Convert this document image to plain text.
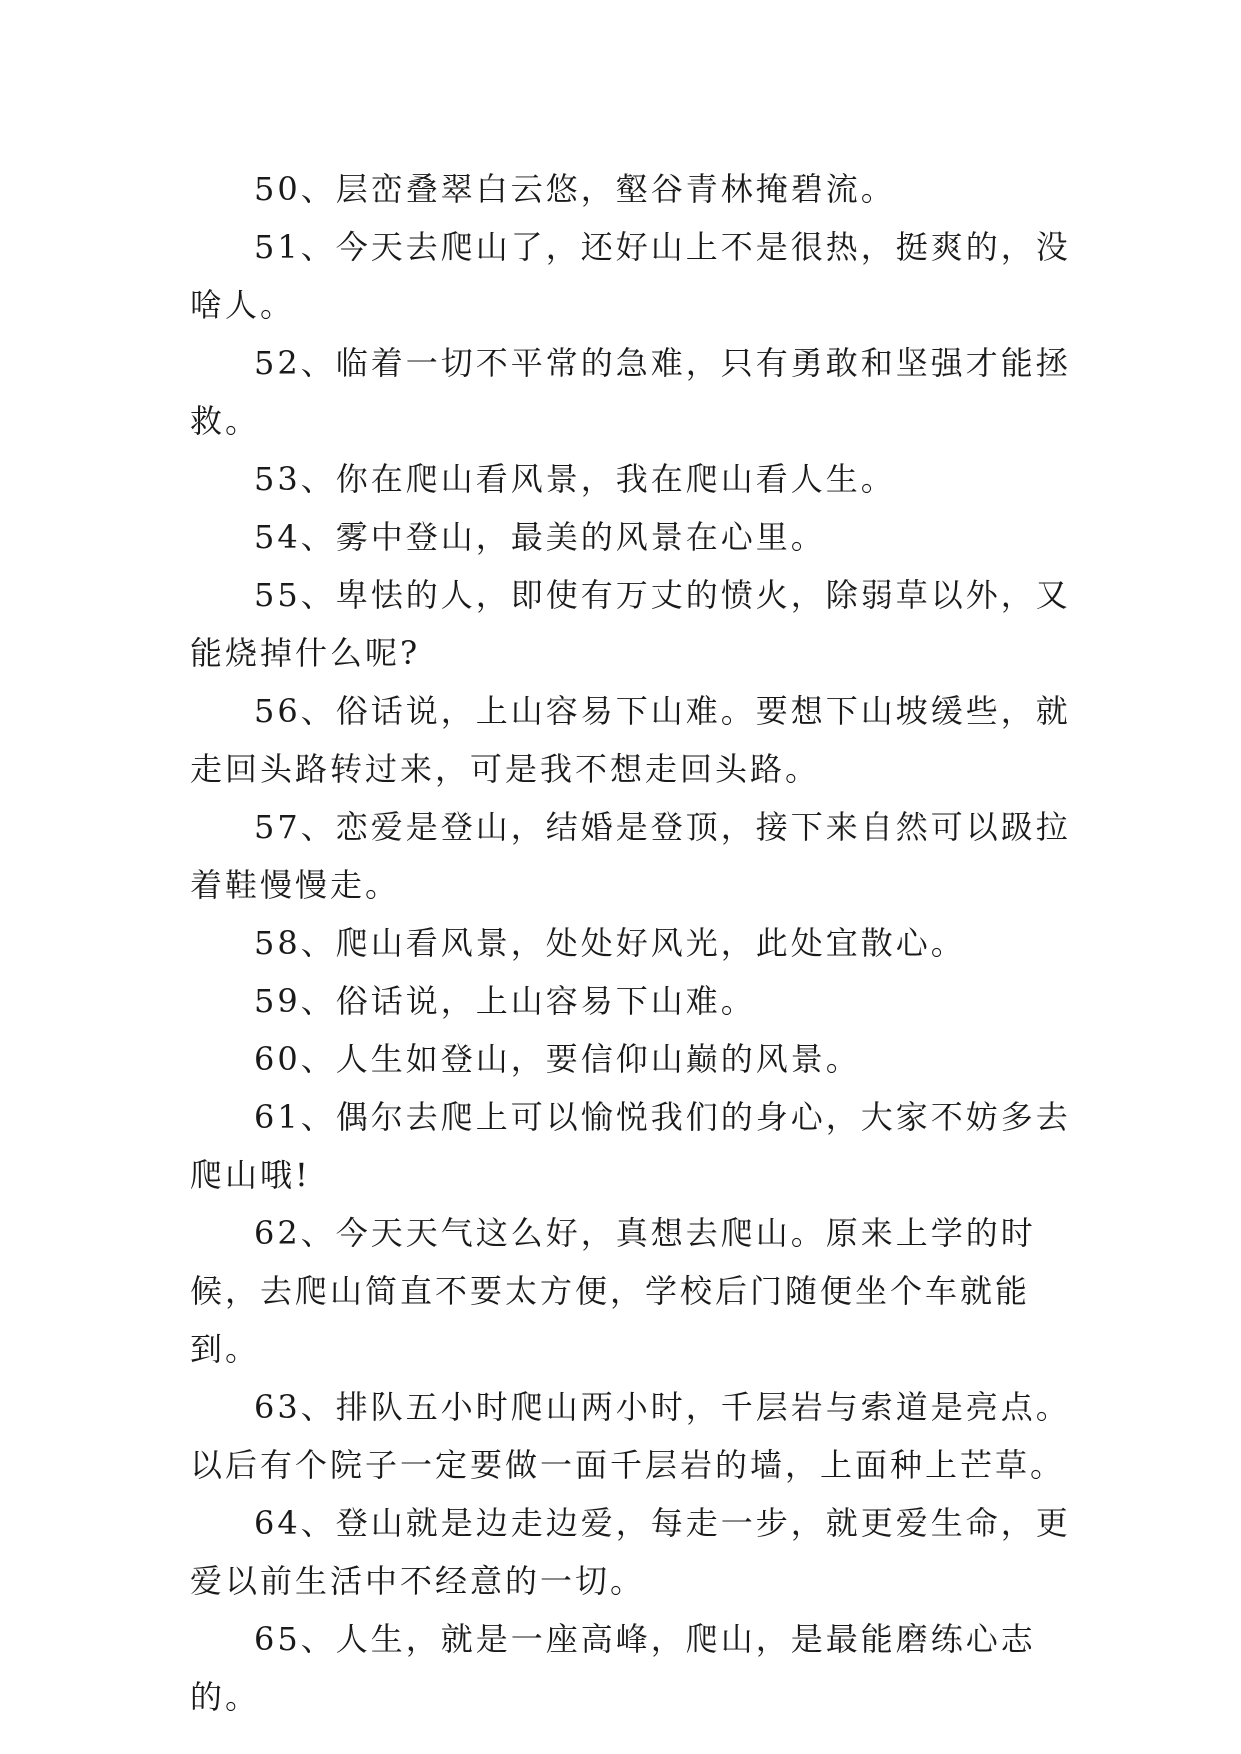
50、层峦叠翠白云悠，壑谷青林掩碧流。

51、今天去爬山了，还好山上不是很热，挺爽的，没啥人。

52、临着一切不平常的急难，只有勇敢和坚强才能拯救。

53、你在爬山看风景，我在爬山看人生。

54、雾中登山，最美的风景在心里。

55、卑怯的人，即使有万丈的愤火，除弱草以外，又能烧掉什么呢?

56、俗话说，上山容易下山难。要想下山坡缓些，就走回头路转过来，可是我不想走回头路。

57、恋爱是登山，结婚是登顶，接下来自然可以趿拉着鞋慢慢走。

58、爬山看风景，处处好风光，此处宜散心。

59、俗话说，上山容易下山难。

60、人生如登山，要信仰山巅的风景。

61、偶尔去爬上可以愉悦我们的身心，大家不妨多去爬山哦!

62、今天天气这么好，真想去爬山。原来上学的时候，去爬山简直不要太方便，学校后门随便坐个车就能到。

63、排队五小时爬山两小时，千层岩与索道是亮点。以后有个院子一定要做一面千层岩的墙，上面种上芒草。

64、登山就是边走边爱，每走一步，就更爱生命，更爱以前生活中不经意的一切。

65、人生，就是一座高峰，爬山，是最能磨练心志的。
